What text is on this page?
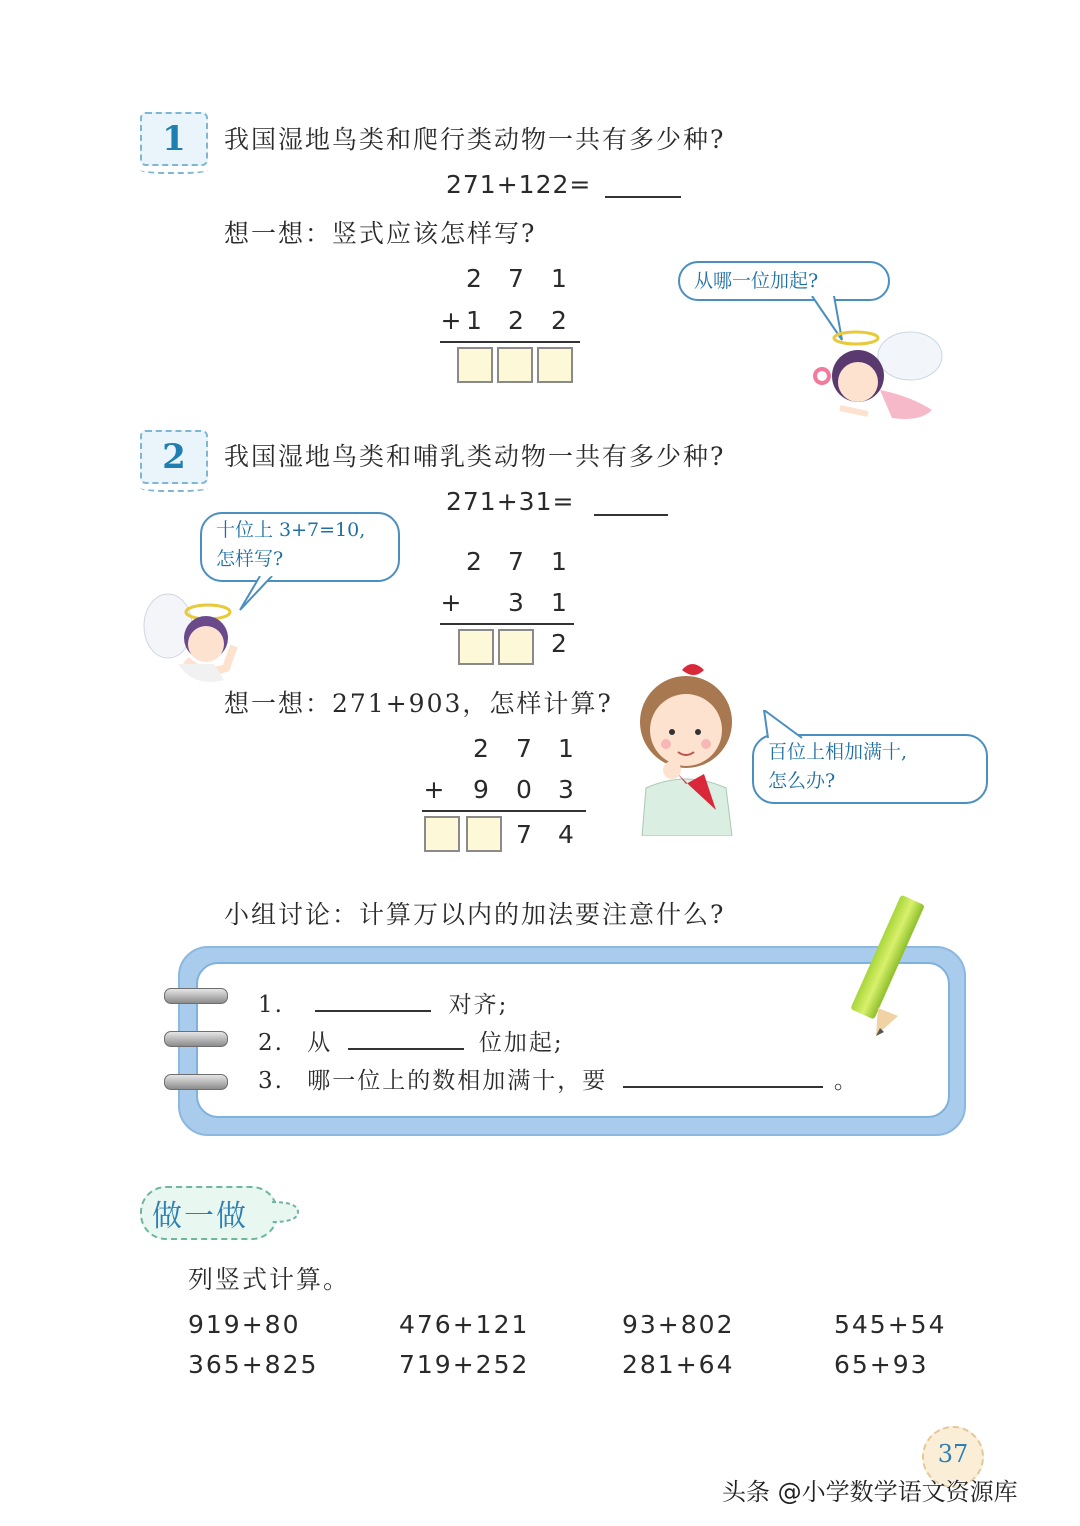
1 我国湿地鸟类和爬行类动物一共有多少种?
271+122=
想一想：竖式应该怎样写?
2 7 1
+ 1 2 2
从哪一位加起?
2 我国湿地鸟类和哺乳类动物一共有多少种?
271+31=
十位上 3+7=10,
怎样写?	2 7 1
+ 3 1
2
想一想：271+903，怎样计算?
2 7 1
+ 9 0 3
7 4
百位上相加满十,
怎么办?
小组讨论：计算万以内的加法要注意什么?
1.	对齐;
2. 从	位加起;
3. 哪一位上的数相加满十，要	。
做一做
列竖式计算。
919+80	476+121	93+802	545+54
365+825	719+252	281+64	65+93
37
头条 @小学数学语文资源库
